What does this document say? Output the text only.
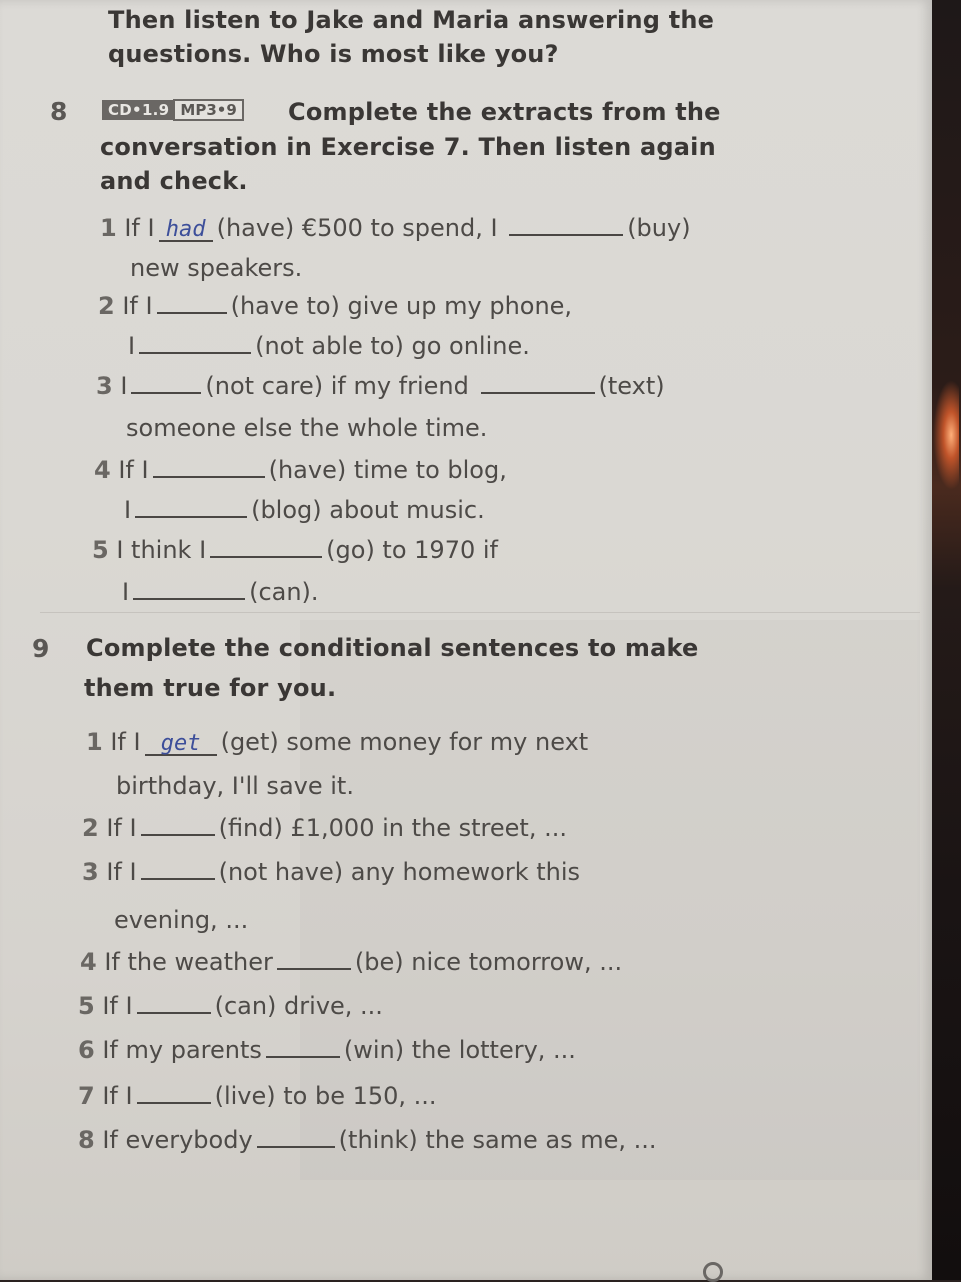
Then listen to Jake and Maria answering the

questions. Who is most like you?

8	CD•1.9 MP3•9 Complete the extracts from the

conversation in Exercise 7. Then listen again

and check.

1 If I had (have) €500 to spend, I	(buy)

new speakers.

2 If I	(have to) give up my phone,

I	(not able to) go online.

3 I	(not care) if my friend	(text)

someone else the whole time.

4 If I	(have) time to blog,

I	(blog) about music.

5 I think I	(go) to 1970 if

I	(can).

9 Complete the conditional sentences to make

them true for you.

1 If I get (get) some money for my next

birthday, I'll save it.

2 If I	(find) £1,000 in the street, ...

3 If I	(not have) any homework this

evening, ...

4 If the weather	(be) nice tomorrow, ...

5 If I	(can) drive, ...

6 If my parents	(win) the lottery, ...

7 If I	(live) to be 150, ...

8 If everybody	(think) the same as me, ...
